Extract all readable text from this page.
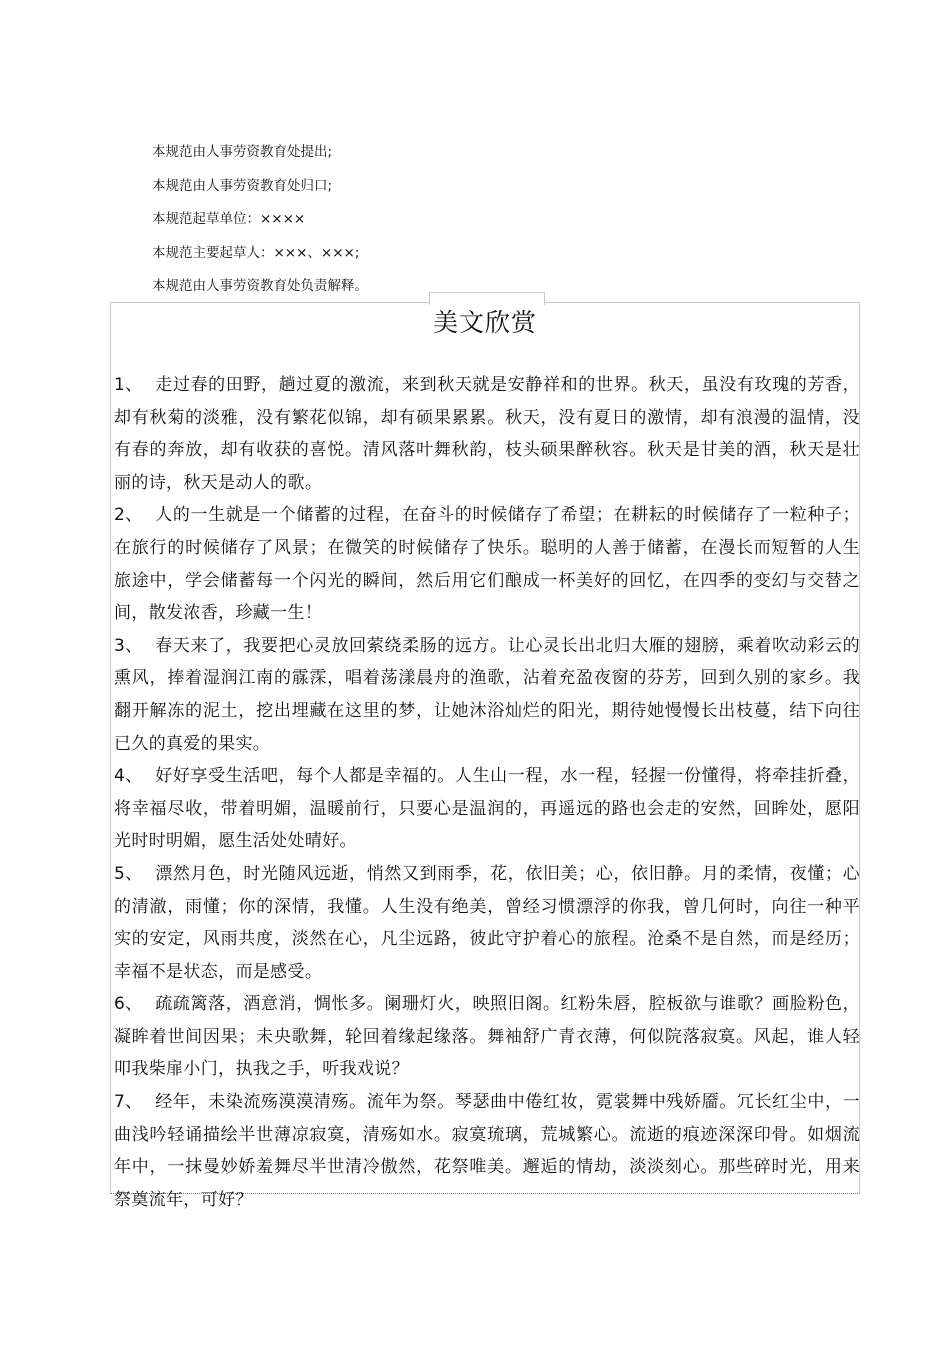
本规范由人事劳资教育处提出;
本规范由人事劳资教育处归口;
本规范起草单位：××××
本规范主要起草人：×××、×××;
本规范由人事劳资教育处负责解释。
美文欣赏
1、 走过春的田野，趟过夏的激流，来到秋天就是安静祥和的世界。秋天，虽没有玫瑰的芳香，却有秋菊的淡雅，没有繁花似锦，却有硕果累累。秋天，没有夏日的激情，却有浪漫的温情，没有春的奔放，却有收获的喜悦。清风落叶舞秋韵，枝头硕果醉秋容。秋天是甘美的酒，秋天是壮丽的诗，秋天是动人的歌。
2、 人的一生就是一个储蓄的过程，在奋斗的时候储存了希望；在耕耘的时候储存了一粒种子；在旅行的时候储存了风景；在微笑的时候储存了快乐。聪明的人善于储蓄，在漫长而短暂的人生旅途中，学会储蓄每一个闪光的瞬间，然后用它们酿成一杯美好的回忆，在四季的变幻与交替之间，散发浓香，珍藏一生！
3、 春天来了，我要把心灵放回萦绕柔肠的远方。让心灵长出北归大雁的翅膀，乘着吹动彩云的熏风，捧着湿润江南的霡霂，唱着荡漾晨舟的渔歌，沾着充盈夜窗的芬芳，回到久别的家乡。我翻开解冻的泥土，挖出埋藏在这里的梦，让她沐浴灿烂的阳光，期待她慢慢长出枝蔓，结下向往已久的真爱的果实。
4、 好好享受生活吧，每个人都是幸福的。人生山一程，水一程，轻握一份懂得，将牵挂折叠，将幸福尽收，带着明媚，温暖前行，只要心是温润的，再遥远的路也会走的安然，回眸处，愿阳光时时明媚，愿生活处处晴好。
5、 漂然月色，时光随风远逝，悄然又到雨季，花，依旧美；心，依旧静。月的柔情，夜懂；心的清澈，雨懂；你的深情，我懂。人生没有绝美，曾经习惯漂浮的你我，曾几何时，向往一种平实的安定，风雨共度，淡然在心，凡尘远路，彼此守护着心的旅程。沧桑不是自然，而是经历；幸福不是状态，而是感受。
6、 疏疏篱落，酒意消，惆怅多。阑珊灯火，映照旧阁。红粉朱唇，腔板欲与谁歌？画脸粉色，凝眸着世间因果；未央歌舞，轮回着缘起缘落。舞袖舒广青衣薄，何似院落寂寞。风起，谁人轻叩我柴扉小门，执我之手，听我戏说？
7、 经年，未染流殇漠漠清殇。流年为祭。琴瑟曲中倦红妆，霓裳舞中残娇靥。冗长红尘中，一曲浅吟轻诵描绘半世薄凉寂寞，清殇如水。寂寞琉璃，荒城繁心。流逝的痕迹深深印骨。如烟流年中，一抹曼妙娇羞舞尽半世清冷傲然，花祭唯美。邂逅的情劫，淡淡刻心。那些碎时光，用来祭奠流年，可好？
